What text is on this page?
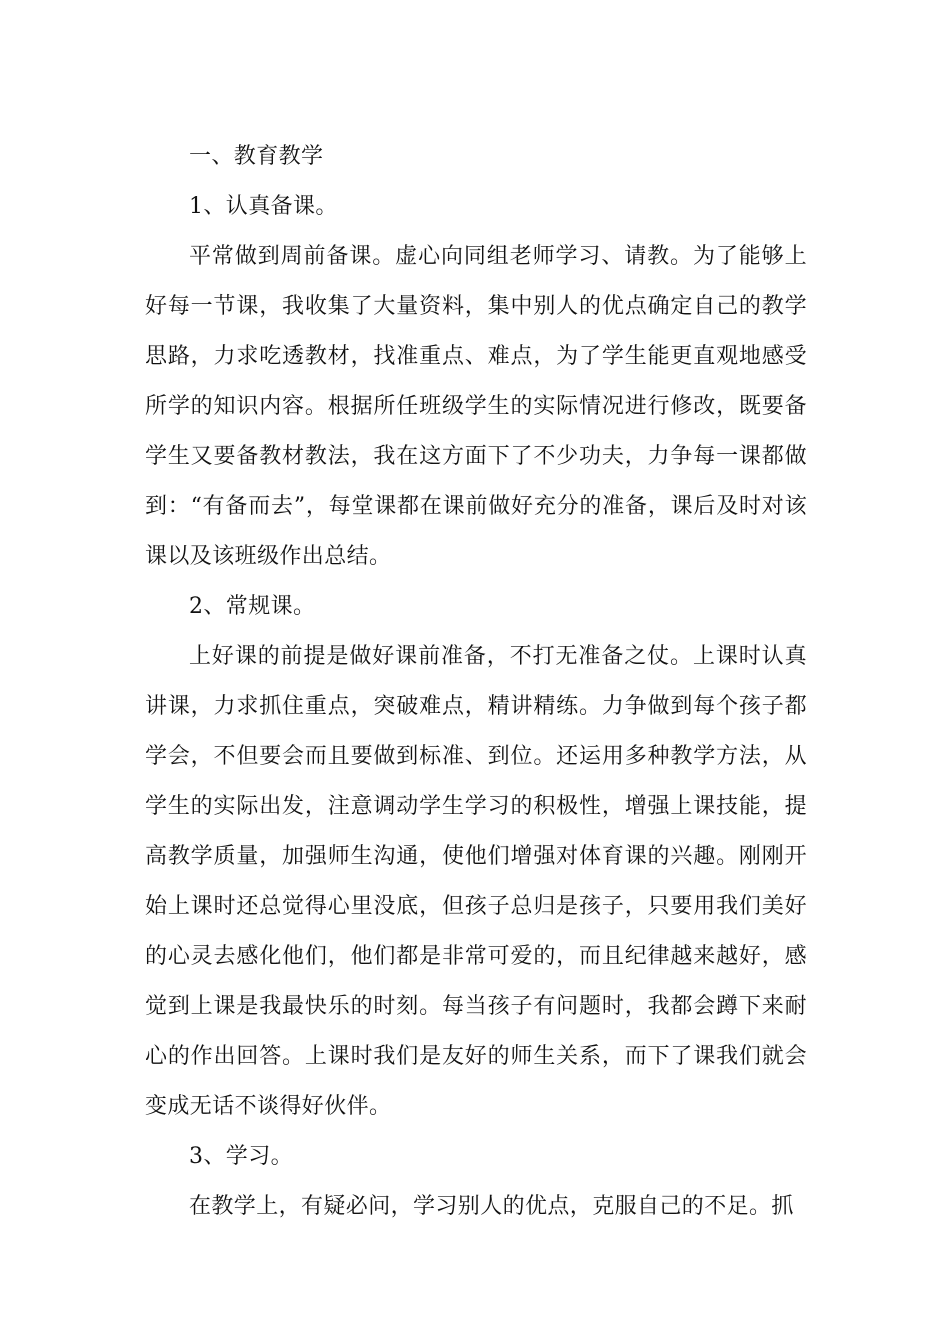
一、教育教学

1、认真备课。

平常做到周前备课。虚心向同组老师学习、请教。为了能够上好每一节课，我收集了大量资料，集中别人的优点确定自己的教学思路，力求吃透教材，找准重点、难点，为了学生能更直观地感受所学的知识内容。根据所任班级学生的实际情况进行修改，既要备学生又要备教材教法，我在这方面下了不少功夫，力争每一课都做到：“有备而去”，每堂课都在课前做好充分的准备，课后及时对该课以及该班级作出总结。

2、常规课。

上好课的前提是做好课前准备，不打无准备之仗。上课时认真讲课，力求抓住重点，突破难点，精讲精练。力争做到每个孩子都学会，不但要会而且要做到标准、到位。还运用多种教学方法，从学生的实际出发，注意调动学生学习的积极性，增强上课技能，提高教学质量，加强师生沟通，使他们增强对体育课的兴趣。刚刚开始上课时还总觉得心里没底，但孩子总归是孩子，只要用我们美好的心灵去感化他们，他们都是非常可爱的，而且纪律越来越好，感觉到上课是我最快乐的时刻。每当孩子有问题时，我都会蹲下来耐心的作出回答。上课时我们是友好的师生关系，而下了课我们就会变成无话不谈得好伙伴。

3、学习。

在教学上，有疑必问，学习别人的优点，克服自己的不足。抓
